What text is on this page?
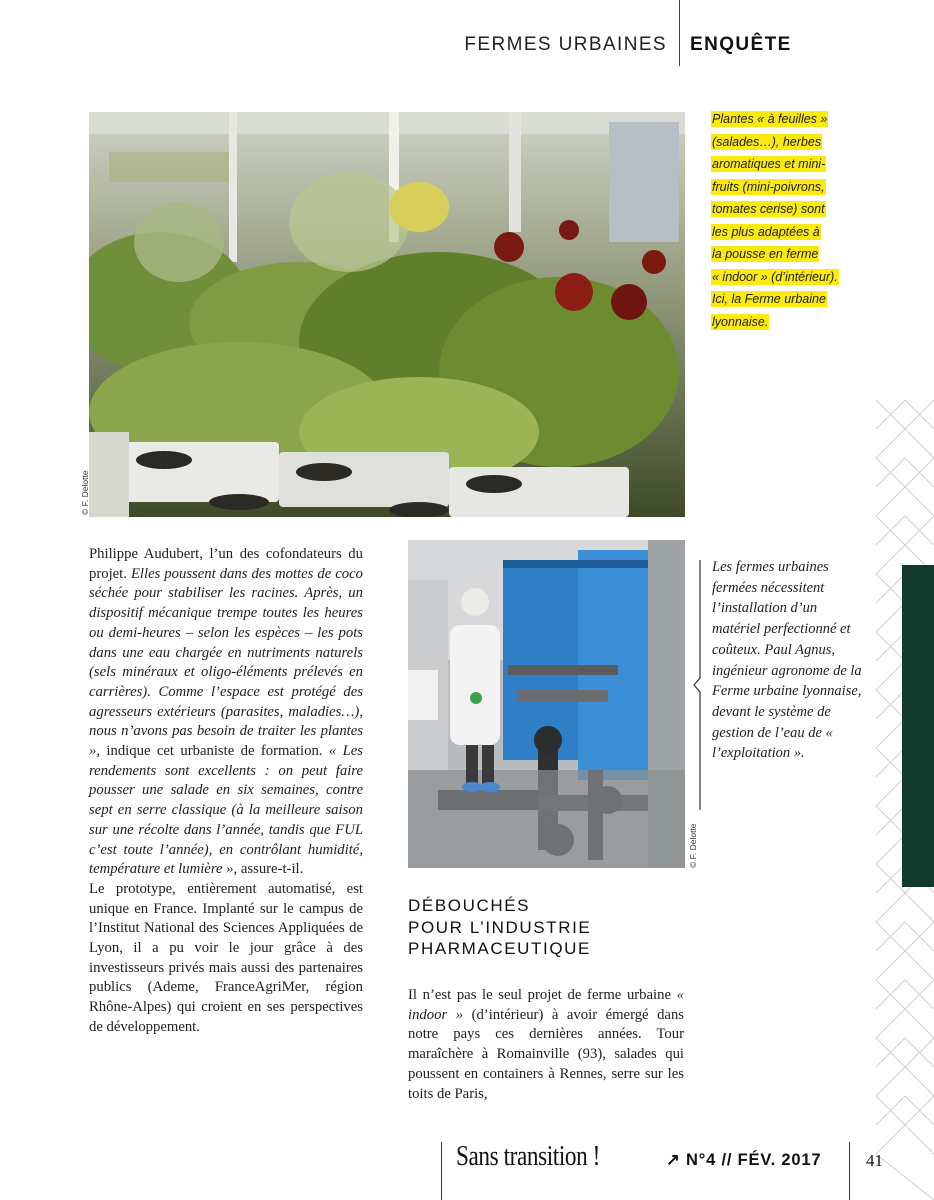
FERMES URBAINES ENQUÊTE
© F. Delotte
Plantes « à feuilles »
(salades…), herbes
aromatiques et mini-
fruits (mini-poivrons,
tomates cerise) sont
les plus adaptées à
la pousse en ferme
« indoor » (d’intérieur).
Ici, la Ferme urbaine
lyonnaise.
© F. Delotte
Les fermes urbaines fermées nécessitent l’installation d’un matériel perfectionné et coûteux. Paul Agnus, ingénieur agronome de la Ferme urbaine lyonnaise, devant le système de gestion de l’eau de « l’exploitation ».

Philippe Audubert, l’un des cofondateurs du projet. Elles poussent dans des mottes de coco séchée pour stabiliser les racines. Après, un dispositif mécanique trempe toutes les heures ou demi-heures – selon les espèces – les pots dans une eau chargée en nutriments naturels (sels minéraux et oligo-éléments prélevés en carrières). Comme l’espace est protégé des agresseurs extérieurs (parasites, maladies…), nous n’avons pas besoin de traiter les plantes », indique cet urbaniste de formation. « Les rendements sont excellents : on peut faire pousser une salade en six semaines, contre sept en serre classique (à la meilleure saison sur une récolte dans l’année, tandis que FUL c’est toute l’année), en contrôlant humidité, température et lumière », assure-t-il.

Le prototype, entièrement automatisé, est unique en France. Implanté sur le campus de l’Institut National des Sciences Appliquées de Lyon, il a pu voir le jour grâce à des investisseurs privés mais aussi des partenaires publics (Ademe, FranceAgriMer, région Rhône-Alpes) qui croient en ses perspectives de développement.

DÉBOUCHÉS
POUR L’INDUSTRIE
PHARMACEUTIQUE

Il n’est pas le seul projet de ferme urbaine « indoor » (d’intérieur) à avoir émergé dans notre pays ces dernières années. Tour maraîchère à Romainville (93), salades qui poussent en containers à Rennes, serre sur les toits de Paris,

Sans transition !	↗ N°4 // FÉV. 2017	41
